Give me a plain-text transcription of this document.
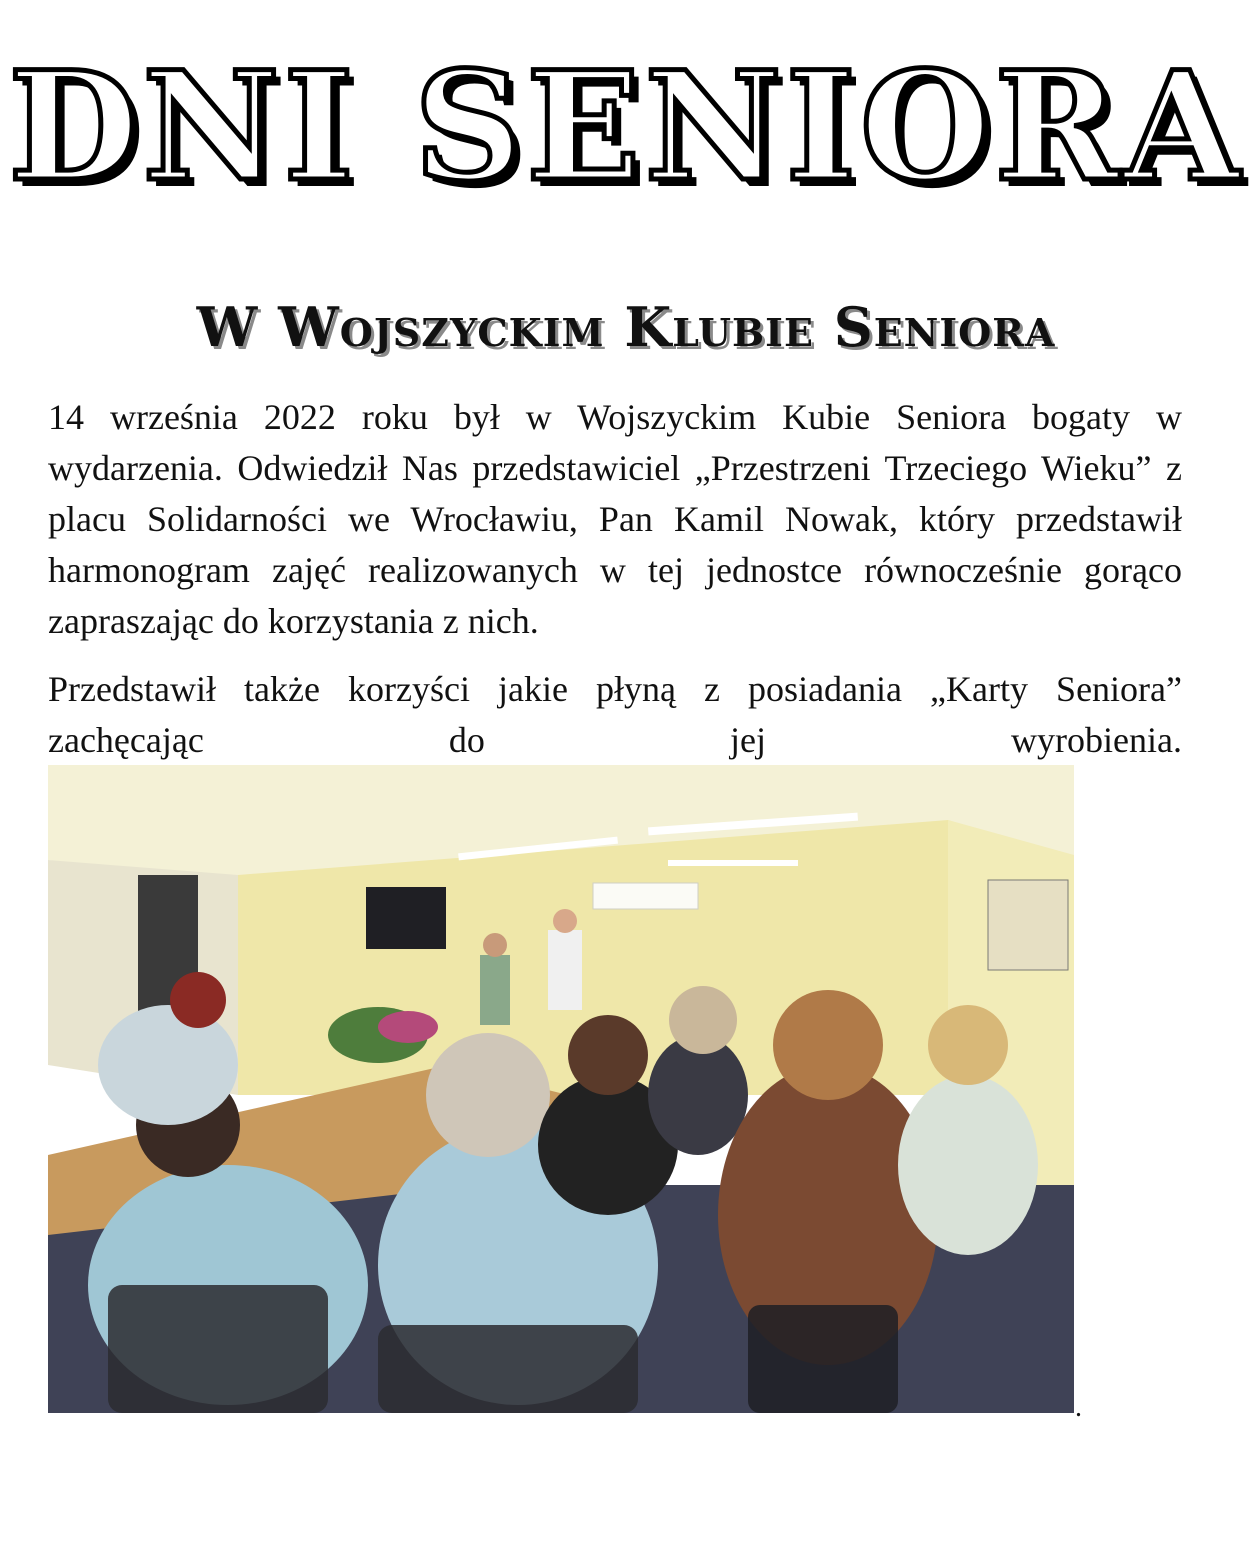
DNI SENIORA
W Wojszyckim Klubie Seniora

14 września 2022 roku był w Wojszyckim Kubie Seniora bogaty w wydarzenia. Odwiedził Nas przedstawiciel „Przestrzeni Trzeciego Wieku” z placu Solidarności we Wrocławiu, Pan Kamil Nowak, który przedstawił harmonogram zajęć realizowanych w tej jednostce równocześnie gorąco zapraszając do korzystania z nich.

Przedstawił także korzyści jakie płyną z posiadania „Karty Seniora” zachęcając do jej wyrobienia.

.
